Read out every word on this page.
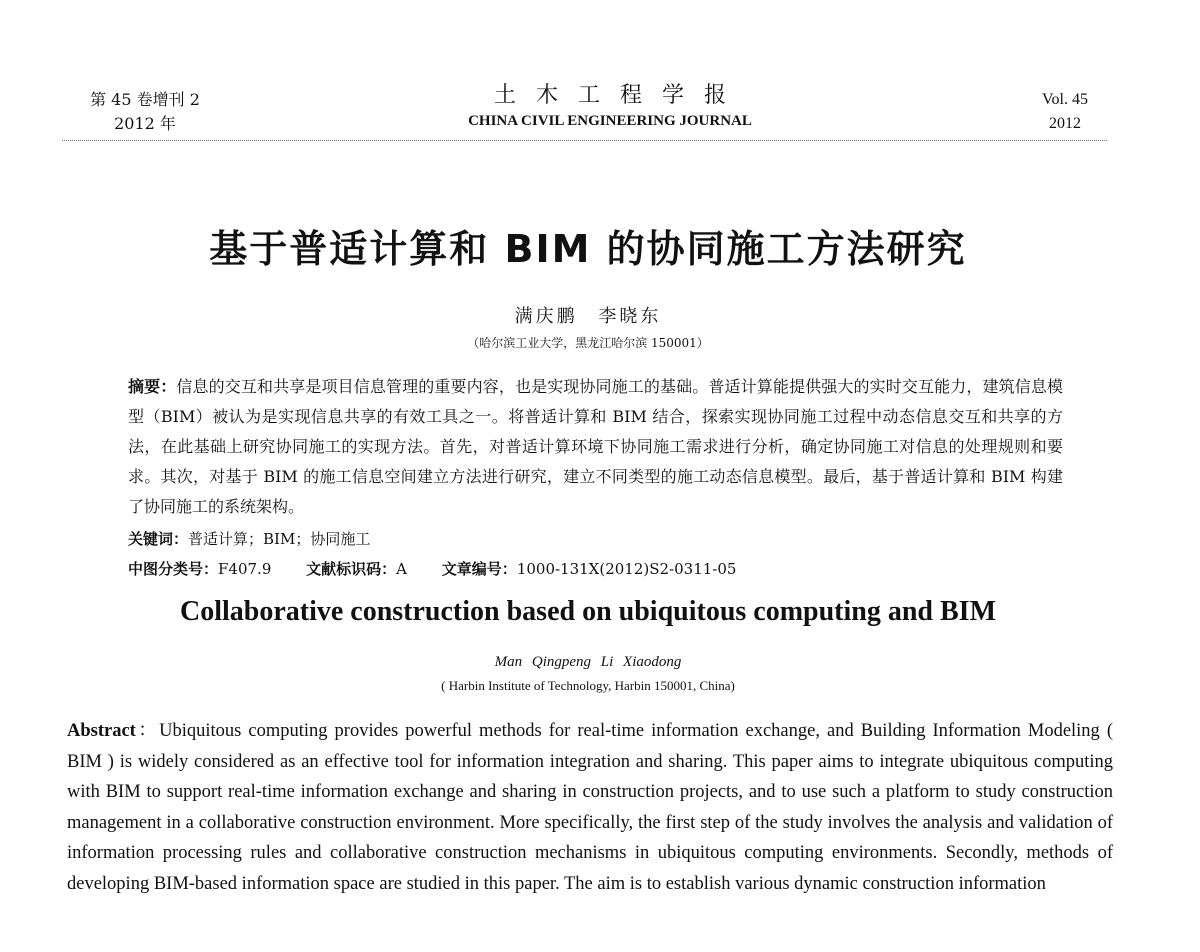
第 45 卷增刊 2
2012 年
土木工程学报
CHINA CIVIL ENGINEERING JOURNAL
Vol. 45
2012
基于普适计算和 BIM 的协同施工方法研究
满庆鹏 李晓东
（哈尔滨工业大学，黑龙江哈尔滨 150001）
摘要：信息的交互和共享是项目信息管理的重要内容，也是实现协同施工的基础。普适计算能提供强大的实时交互能力，建筑信息模型（BIM）被认为是实现信息共享的有效工具之一。将普适计算和 BIM 结合，探索实现协同施工过程中动态信息交互和共享的方法，在此基础上研究协同施工的实现方法。首先，对普适计算环境下协同施工需求进行分析，确定协同施工对信息的处理规则和要求。其次，对基于 BIM 的施工信息空间建立方法进行研究，建立不同类型的施工动态信息模型。最后，基于普适计算和 BIM 构建了协同施工的系统架构。
关键词：普适计算；BIM；协同施工
中图分类号：F407.9 文献标识码：A 文章编号：1000-131X(2012)S2-0311-05
Collaborative construction based on ubiquitous computing and BIM
Man Qingpeng Li Xiaodong
( Harbin Institute of Technology, Harbin 150001, China)
Abstract：Ubiquitous computing provides powerful methods for real-time information exchange, and Building Information Modeling ( BIM ) is widely considered as an effective tool for information integration and sharing. This paper aims to integrate ubiquitous computing with BIM to support real-time information exchange and sharing in construction projects, and to use such a platform to study construction management in a collaborative construction environment. More specifically, the first step of the study involves the analysis and validation of information processing rules and collaborative construction mechanisms in ubiquitous computing environments. Secondly, methods of developing BIM-based information space are studied in this paper. The aim is to establish various dynamic construction information
